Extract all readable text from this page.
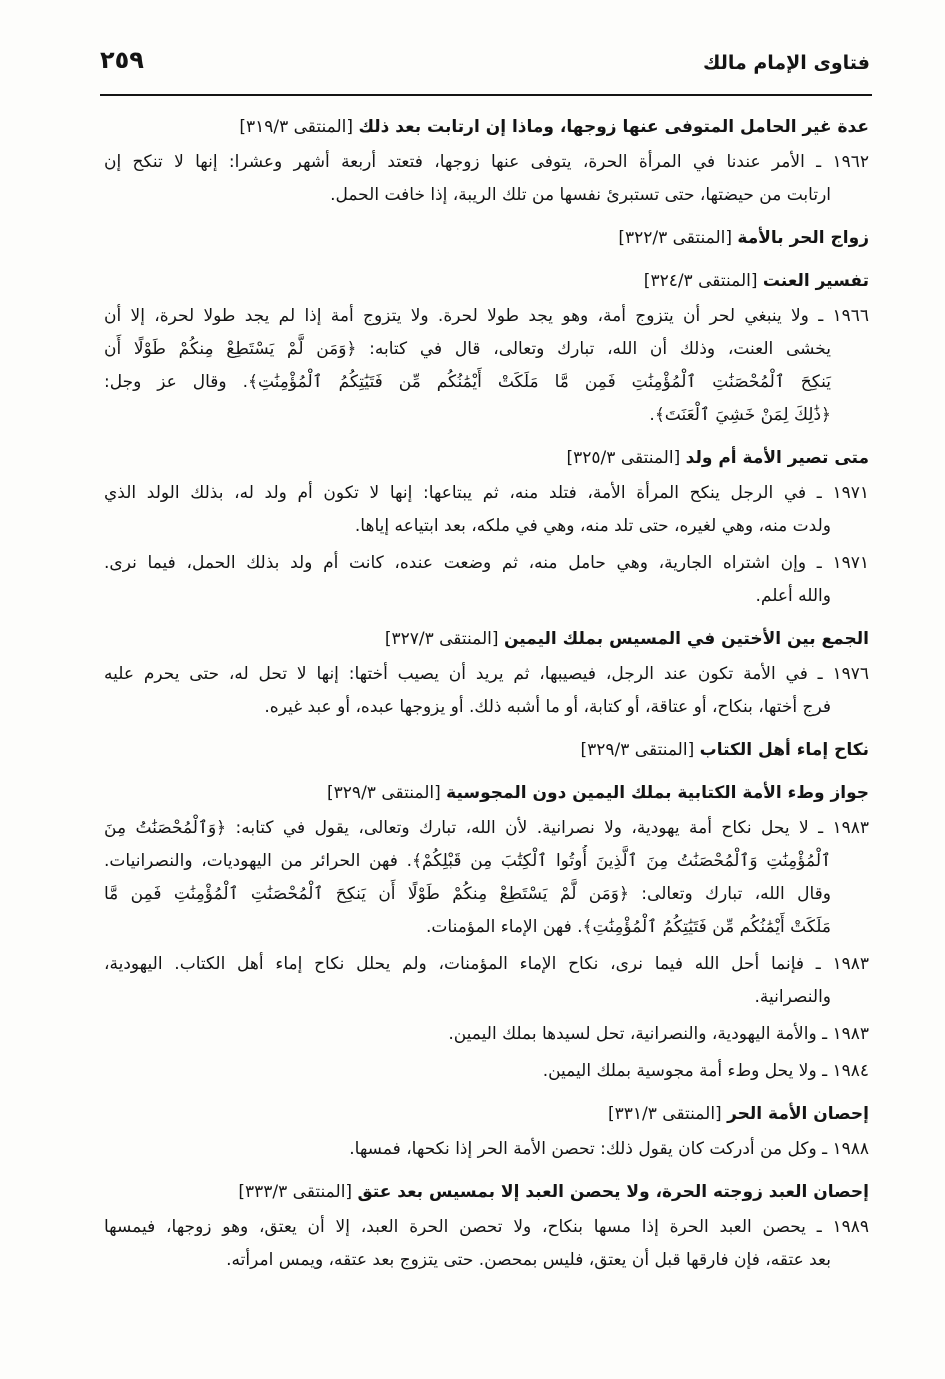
فتاوى الإمام مالك
٢٥٩
عدة غير الحامل المتوفى عنها زوجها، وماذا إن ارتابت بعد ذلك [المنتقى ٣١٩/٣]
١٩٦٢ ـ الأمر عندنا في المرأة الحرة، يتوفى عنها زوجها، فتعتد أربعة أشهر وعشرا: إنها لا تنكح إن
ارتابت من حيضتها، حتى تستبرئ نفسها من تلك الريبة، إذا خافت الحمل.
زواج الحر بالأمة [المنتقى ٣٢٢/٣]
تفسير العنت [المنتقى ٣٢٤/٣]
١٩٦٦ ـ ولا ينبغي لحر أن يتزوج أمة، وهو يجد طولا لحرة. ولا يتزوج أمة إذا لم يجد طولا لحرة، إلا أن
يخشى العنت، وذلك أن الله، تبارك وتعالى، قال في كتابه: ﴿وَمَن لَّمْ يَسْتَطِعْ مِنكُمْ طَوْلًا أَن
يَنكِحَ ٱلْمُحْصَنَٰتِ ٱلْمُؤْمِنَٰتِ فَمِن مَّا مَلَكَتْ أَيْمَٰنُكُم مِّن فَتَيَٰتِكُمُ ٱلْمُؤْمِنَٰتِ﴾. وقال عز وجل:
﴿ذَٰلِكَ لِمَنْ خَشِيَ ٱلْعَنَتَ﴾.
متى تصير الأمة أم ولد [المنتقى ٣٢٥/٣]
١٩٧١ ـ في الرجل ينكح المرأة الأمة، فتلد منه، ثم يبتاعها: إنها لا تكون أم ولد له، بذلك الولد الذي
ولدت منه، وهي لغيره، حتى تلد منه، وهي في ملكه، بعد ابتياعه إياها.
١٩٧١ ـ وإن اشتراه الجارية، وهي حامل منه، ثم وضعت عنده، كانت أم ولد بذلك الحمل، فيما نرى.
والله أعلم.
الجمع بين الأختين في المسيس بملك اليمين [المنتقى ٣٢٧/٣]
١٩٧٦ ـ في الأمة تكون عند الرجل، فيصيبها، ثم يريد أن يصيب أختها: إنها لا تحل له، حتى يحرم عليه
فرج أختها، بنكاح، أو عتاقة، أو كتابة، أو ما أشبه ذلك. أو يزوجها عبده، أو عبد غيره.
نكاح إماء أهل الكتاب [المنتقى ٣٢٩/٣]
جواز وطء الأمة الكتابية بملك اليمين دون المجوسية [المنتقى ٣٢٩/٣]
١٩٨٣ ـ لا يحل نكاح أمة يهودية، ولا نصرانية. لأن الله، تبارك وتعالى، يقول في كتابه: ﴿وَٱلْمُحْصَنَٰتُ مِنَ
ٱلْمُؤْمِنَٰتِ وَٱلْمُحْصَنَٰتُ مِنَ ٱلَّذِينَ أُوتُوا ٱلْكِتَٰبَ مِن قَبْلِكُمْ﴾. فهن الحرائر من اليهوديات، والنصرانيات.
وقال الله، تبارك وتعالى: ﴿وَمَن لَّمْ يَسْتَطِعْ مِنكُمْ طَوْلًا أَن يَنكِحَ ٱلْمُحْصَنَٰتِ ٱلْمُؤْمِنَٰتِ فَمِن مَّا
مَلَكَتْ أَيْمَٰنُكُم مِّن فَتَيَٰتِكُمُ ٱلْمُؤْمِنَٰتِ﴾. فهن الإماء المؤمنات.
١٩٨٣ ـ فإنما أحل الله فيما نرى، نكاح الإماء المؤمنات، ولم يحلل نكاح إماء أهل الكتاب. اليهودية،
والنصرانية.
١٩٨٣ ـ والأمة اليهودية، والنصرانية، تحل لسيدها بملك اليمين.
١٩٨٤ ـ ولا يحل وطء أمة مجوسية بملك اليمين.
إحصان الأمة الحر [المنتقى ٣٣١/٣]
١٩٨٨ ـ وكل من أدركت كان يقول ذلك: تحصن الأمة الحر إذا نكحها، فمسها.
إحصان العبد زوجته الحرة، ولا يحصن العبد إلا بمسيس بعد عتق [المنتقى ٣٣٣/٣]
١٩٨٩ ـ يحصن العبد الحرة إذا مسها بنكاح، ولا تحصن الحرة العبد، إلا أن يعتق، وهو زوجها، فيمسها
بعد عتقه، فإن فارقها قبل أن يعتق، فليس بمحصن. حتى يتزوج بعد عتقه، ويمس امرأته.
